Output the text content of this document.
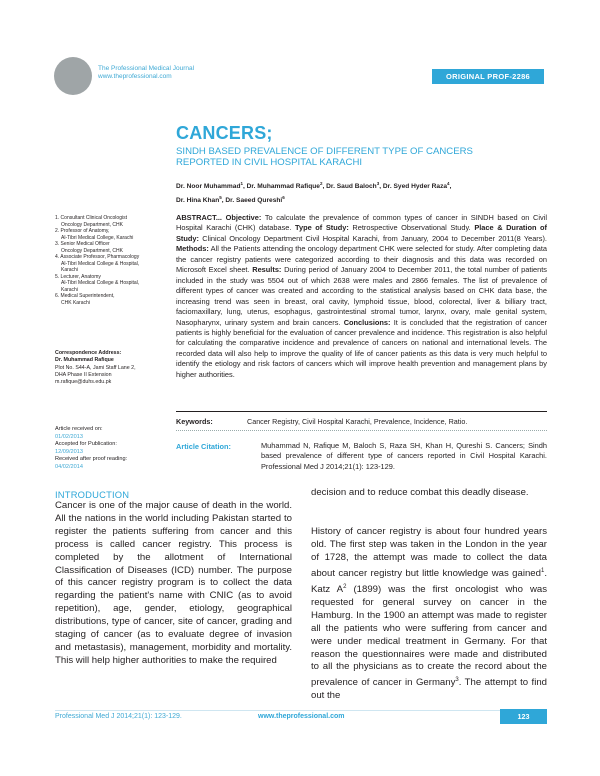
The Professional Medical Journal
www.theprofessional.com	ORIGINAL PROF-2286
CANCERS;
SINDH BASED PREVALENCE OF DIFFERENT TYPE OF CANCERS
REPORTED IN CIVIL HOSPITAL KARACHI
Dr. Noor Muhammad$^1$, Dr. Muhammad Rafique$^2$, Dr. Saud Baloch$^3$, Dr. Syed Hyder Raza$^4$,
Dr. Hina Khan$^5$, Dr. Saeed Qureshi$^6$
1. Consultant Clinical Oncologist
Oncology Department, CHK
2. Professor of Anatomy,
Al-Tibri Medical College, Karachi
3. Senior Medical Officer
Oncology Department, CHK
4. Associate Professor, Pharmacology
Al-Tibri Medical College & Hospital,
Karachi
5. Lecturer, Anatomy
Al-Tibri Medical College & Hospital,
Karachi
6. Medical Superintendent,
CHK Karachi
Correspondence Address:
Dr. Muhammad Rafique
Plot No. S44-A, Jami Staff Lane 2,
DHA Phase II Extension
m.rafique@duhs.edu.pk
Article received on:
01/02/2013
Accepted for Publication:
12/09/2013
Received after proof reading:
04/02/2014
ABSTRACT... Objective: To calculate the prevalence of common types of cancer in SINDH based on Civil Hospital Karachi (CHK) database. Type of Study: Retrospective Observational Study. Place & Duration of Study: Clinical Oncology Department Civil Hospital Karachi, from January, 2004 to December 2011(8 Years). Methods: All the Patients attending the oncology department CHK were selected for study. After completing data the cancer registry patients were categorized according to their diagnosis and this data was recorded on Microsoft Excel sheet. Results: During period of January 2004 to December 2011, the total number of patients included in the study was 5504 out of which 2638 were males and 2866 females. The list of prevalence of different types of cancer was created and according to the statistical analysis based on CHK data base, the increasing trend was seen in breast, oral cavity, lymphoid tissue, blood, colorectal, liver & billiary tract, faciomaxillary, lung, uterus, esophagus, gastrointestinal stromal tumor, larynx, ovary, male genital system, Nasopharynx, urinary system and brain cancers. Conclusions: It is concluded that the registration of cancer patients is highly beneficial for the evaluation of cancer prevalence and incidence. This registration is also helpful for calculating the comparative incidence and prevalence of cancers on national and international levels. The recorded data will also help to improve the quality of life of cancer patients as this data is very much helpful to identify the etiology and risk factors of cancers which will improve health prevention and management plans by higher authorities.
Keywords:	Cancer Registry, Civil Hospital Karachi, Prevalence, Incidence, Ratio.
Article Citation:	Muhammad N, Rafique M, Baloch S, Raza SH, Khan H, Qureshi S. Cancers; Sindh based prevalence of different type of cancers reported in Civil Hospital Karachi. Professional Med J 2014;21(1): 123-129.
INTRODUCTION
Cancer is one of the major cause of death in the world. All the nations in the world including Pakistan started to register the patients suffering from cancer and this process is called cancer registry. This process is completed by the allotment of International Classification of Diseases (ICD) number. The purpose of this cancer registry program is to collect the data regarding the patient's name with CNIC (as to avoid repetition), age, gender, etiology, geographical distributions, type of cancer, site of cancer, grading and staging of cancer (as to evaluate degree of invasion and metastasis), management, morbidity and mortality. This will help higher authorities to make the required
decision and to reduce combat this deadly disease.
History of cancer registry is about four hundred years old. The first step was taken in the London in the year of 1728, the attempt was made to collect the data about cancer registry but little knowledge was gained$^1$. Katz $A^2$ (1899) was the first oncologist who was requested for general survey on cancer in the Hamburg. In the 1900 an attempt was made to register all the patients who were suffering from cancer and were under medical treatment in Germany. For that reason the questionnaires were made and distributed to all the physicians as to create the record about the prevalence of cancer in Germany$^3$. The attempt to find out the
Professional Med J 2014;21(1): 123-129.	www.theprofessional.com	123
